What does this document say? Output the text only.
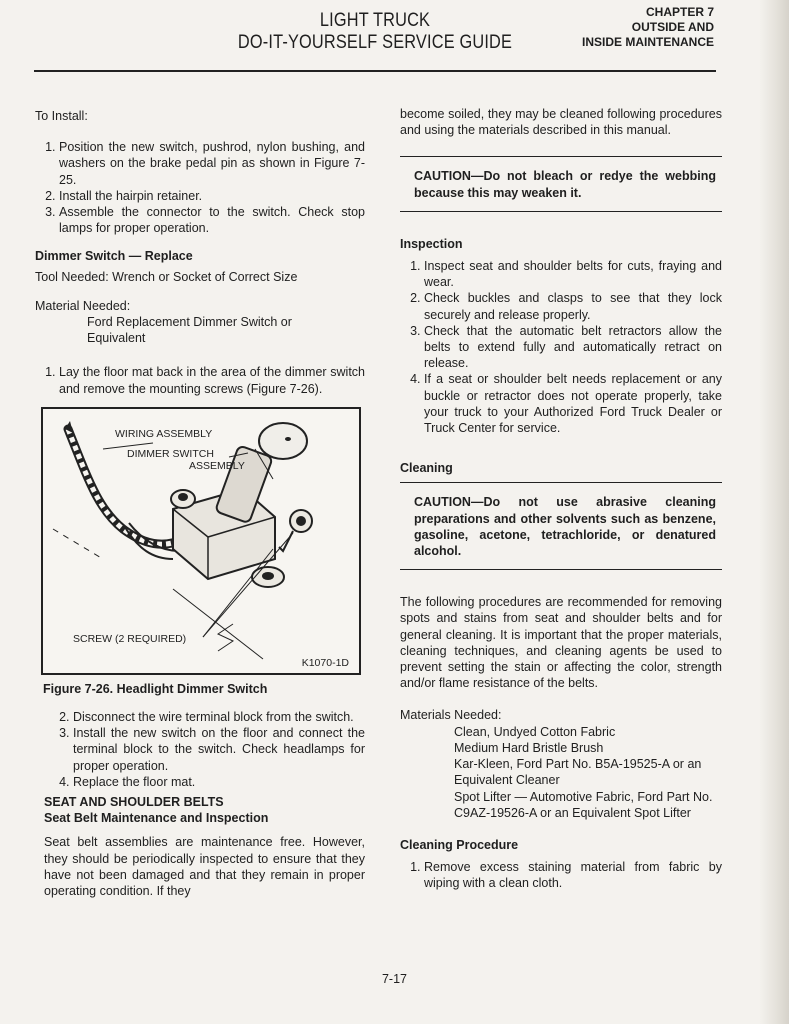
LIGHT TRUCK
DO-IT-YOURSELF SERVICE GUIDE
CHAPTER 7
OUTSIDE AND
INSIDE MAINTENANCE

To Install:

1. Position the new switch, pushrod, nylon bushing, and washers on the brake pedal pin as shown in Figure 7-25.
2. Install the hairpin retainer.
3. Assemble the connector to the switch. Check stop lamps for proper operation.

Dimmer Switch — Replace

Tool Needed: Wrench or Socket of Correct Size

Material Needed:

Ford Replacement Dimmer Switch or

Equivalent

1. Lay the floor mat back in the area of the dimmer switch and remove the mounting screws (Figure 7-26).
WIRING ASSEMBLY
DIMMER SWITCH
ASSEMBLY
SCREW (2 REQUIRED)
K1070-1D

Figure 7-26. Headlight Dimmer Switch

2. Disconnect the wire terminal block from the switch.
3. Install the new switch on the floor and connect the terminal block to the switch. Check headlamps for proper operation.
4. Replace the floor mat.

SEAT AND SHOULDER BELTS

Seat Belt Maintenance and Inspection

Seat belt assemblies are maintenance free. However, they should be periodically inspected to ensure that they have not been damaged and that they remain in proper operating condition. If they

become soiled, they may be cleaned following procedures and using the materials described in this manual.

CAUTION—Do not bleach or redye the webbing because this may weaken it.

Inspection

1. Inspect seat and shoulder belts for cuts, fraying and wear.
2. Check buckles and clasps to see that they lock securely and release properly.
3. Check that the automatic belt retractors allow the belts to extend fully and automatically retract on release.
4. If a seat or shoulder belt needs replacement or any buckle or retractor does not operate properly, take your truck to your Authorized Ford Truck Dealer or Truck Center for service.

Cleaning

CAUTION—Do not use abrasive cleaning preparations and other solvents such as benzene, gasoline, acetone, tetrachloride, or denatured alcohol.

The following procedures are recommended for removing spots and stains from seat and shoulder belts and for general cleaning. It is important that the proper materials, cleaning techniques, and cleaning agents be used to prevent setting the stain or affecting the color, strength and/or flame resistance of the belts.

Materials Needed:

Clean, Undyed Cotton Fabric

Medium Hard Bristle Brush

Kar-Kleen, Ford Part No. B5A-19525-A or an Equivalent Cleaner

Spot Lifter — Automotive Fabric, Ford Part No. C9AZ-19526-A or an Equivalent Spot Lifter

Cleaning Procedure

1. Remove excess staining material from fabric by wiping with a clean cloth.
7-17
